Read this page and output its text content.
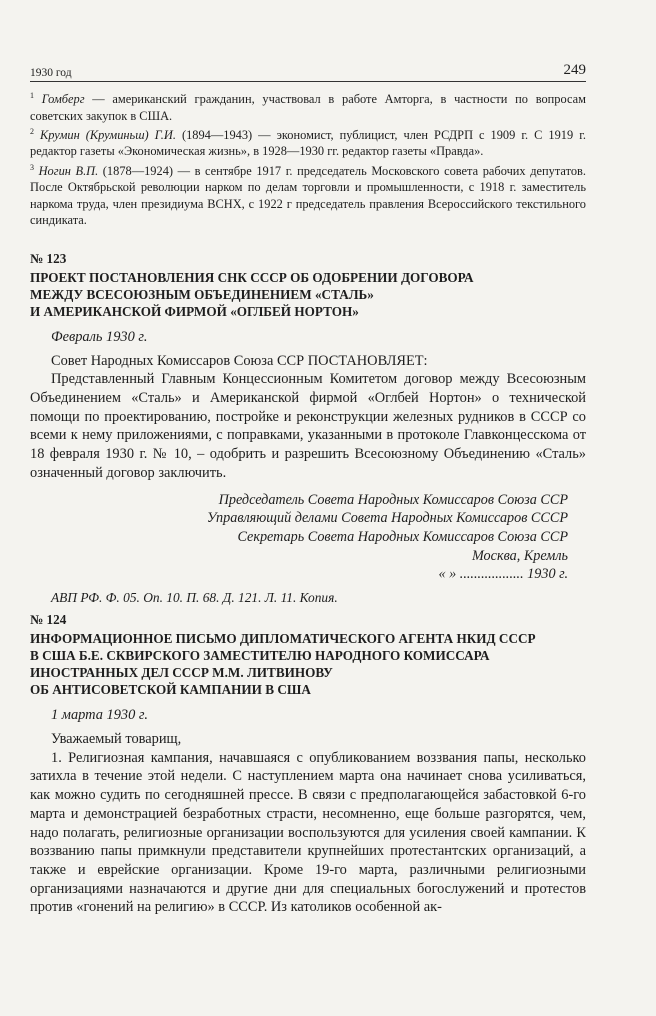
1930 год	249

$^1$ Гомберг — американский гражданин, участвовал в работе Амторга, в частности по вопросам советских закупок в США.

$^2$ Крумин (Круминьш) Г.И. (1894—1943) — экономист, публицист, член РСДРП с 1909 г. С 1919 г. редактор газеты «Экономическая жизнь», в 1928—1930 гг. редактор газеты «Правда».

$^3$ Ногин В.П. (1878—1924) — в сентябре 1917 г. председатель Московского совета рабочих депутатов. После Октябрьской революции нарком по делам торговли и промышленности, с 1918 г. заместитель наркома труда, член президиума ВСНХ, с 1922 г председатель правления Всероссийского текстильного синдиката.

№ 123

ПРОЕКТ ПОСТАНОВЛЕНИЯ СНК СССР ОБ ОДОБРЕНИИ ДОГОВОРА
МЕЖДУ ВСЕСОЮЗНЫМ ОБЪЕДИНЕНИЕМ «СТАЛЬ»
И АМЕРИКАНСКОЙ ФИРМОЙ «ОГЛБЕЙ НОРТОН»

Февраль 1930 г.

Совет Народных Комиссаров Союза ССР ПОСТАНОВЛЯЕТ:

Представленный Главным Концессионным Комитетом договор между Всесоюзным Объединением «Сталь» и Американской фирмой «Оглбей Нортон» о технической помощи по проектированию, постройке и реконструкции железных рудников в СССР со всеми к нему приложениями, с поправками, указанными в протоколе Главконцесскома от 18 февраля 1930 г. № 10, – одобрить и разрешить Всесоюзному Объединению «Сталь» означенный договор заключить.

Председатель Совета Народных Комиссаров Союза ССР

Управляющий делами Совета Народных Комиссаров СССР

Секретарь Совета Народных Комиссаров Союза ССР

Москва, Кремль

« » .................. 1930 г.

АВП РФ. Ф. 05. Оп. 10. П. 68. Д. 121. Л. 11. Копия.
№ 124

ИНФОРМАЦИОННОЕ ПИСЬМО ДИПЛОМАТИЧЕСКОГО АГЕНТА НКИД СССР
В США Б.Е. СКВИРСКОГО ЗАМЕСТИТЕЛЮ НАРОДНОГО КОМИССАРА
ИНОСТРАННЫХ ДЕЛ СССР М.М. ЛИТВИНОВУ
ОБ АНТИСОВЕТСКОЙ КАМПАНИИ В США

1 марта 1930 г.

Уважаемый товарищ,

1. Религиозная кампания, начавшаяся с опубликованием воззвания папы, несколько затихла в течение этой недели. С наступлением марта она начинает снова усиливаться, как можно судить по сегодняшней прессе. В связи с предполагающейся забастовкой 6-го марта и демонстрацией безработных страсти, несомненно, еще больше разгорятся, чем, надо полагать, религиозные организации воспользуются для усиления своей кампании. К воззванию папы примкнули представители крупнейших протестантских организаций, а также и еврейские организации. Кроме 19-го марта, различными религиозными организациями назначаются и другие дни для специальных богослужений и протестов против «гонений на религию» в СССР. Из католиков особенной ак-
